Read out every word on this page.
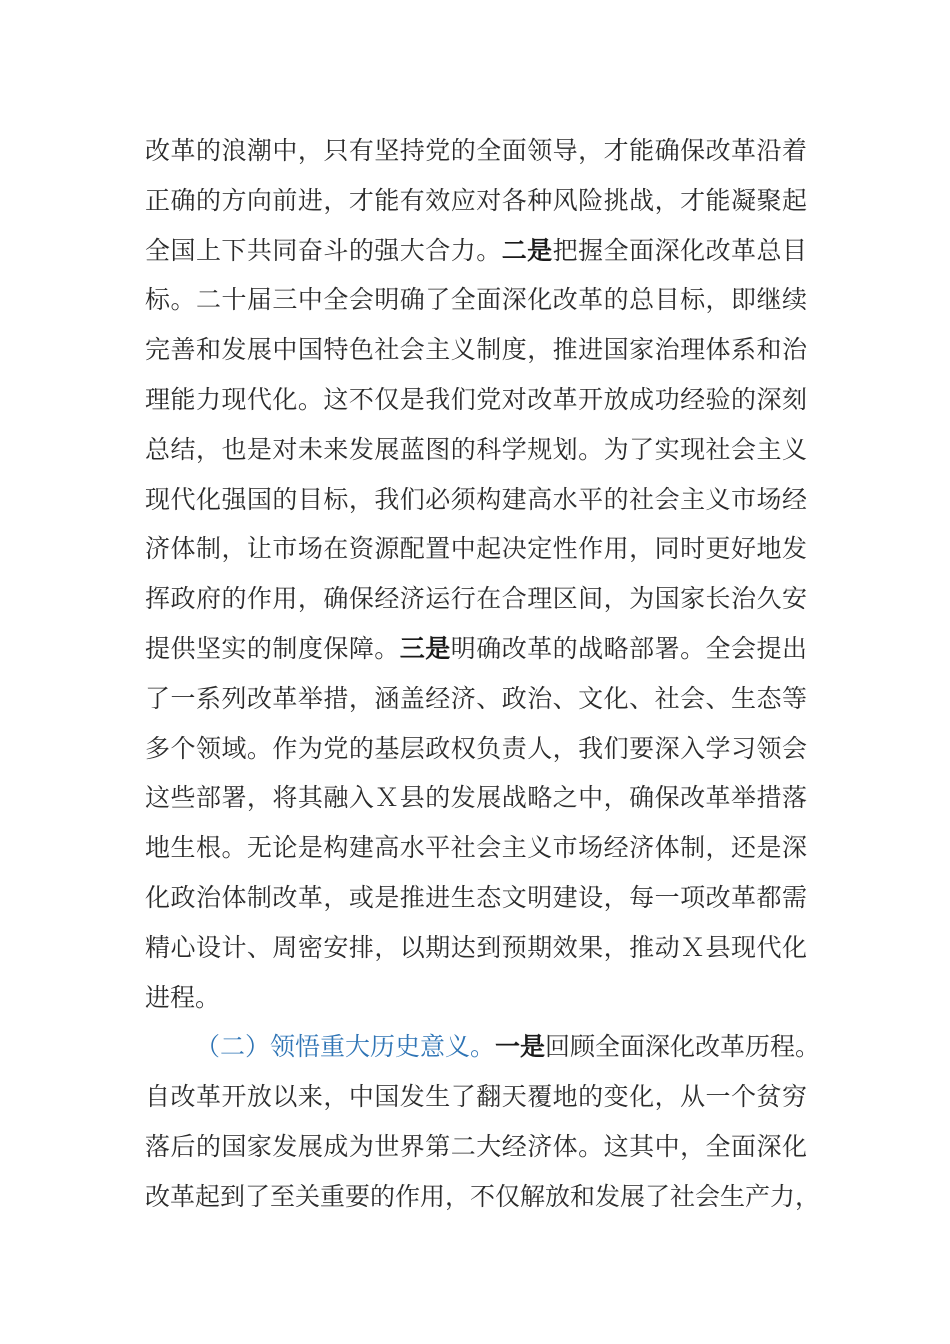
改革的浪潮中，只有坚持党的全面领导，才能确保改革沿着
正确的方向前进，才能有效应对各种风险挑战，才能凝聚起
全国上下共同奋斗的强大合力。二是把握全面深化改革总目
标。二十届三中全会明确了全面深化改革的总目标，即继续
完善和发展中国特色社会主义制度，推进国家治理体系和治
理能力现代化。这不仅是我们党对改革开放成功经验的深刻
总结，也是对未来发展蓝图的科学规划。为了实现社会主义
现代化强国的目标，我们必须构建高水平的社会主义市场经
济体制，让市场在资源配置中起决定性作用，同时更好地发
挥政府的作用，确保经济运行在合理区间，为国家长治久安
提供坚实的制度保障。三是明确改革的战略部署。全会提出
了一系列改革举措，涵盖经济、政治、文化、社会、生态等
多个领域。作为党的基层政权负责人，我们要深入学习领会
这些部署，将其融入Ｘ县的发展战略之中，确保改革举措落
地生根。无论是构建高水平社会主义市场经济体制，还是深
化政治体制改革，或是推进生态文明建设，每一项改革都需
精心设计、周密安排，以期达到预期效果，推动Ｘ县现代化
进程。
（二）领悟重大历史意义。一是回顾全面深化改革历程。
自改革开放以来，中国发生了翻天覆地的变化，从一个贫穷
落后的国家发展成为世界第二大经济体。这其中，全面深化
改革起到了至关重要的作用，不仅解放和发展了社会生产力，
